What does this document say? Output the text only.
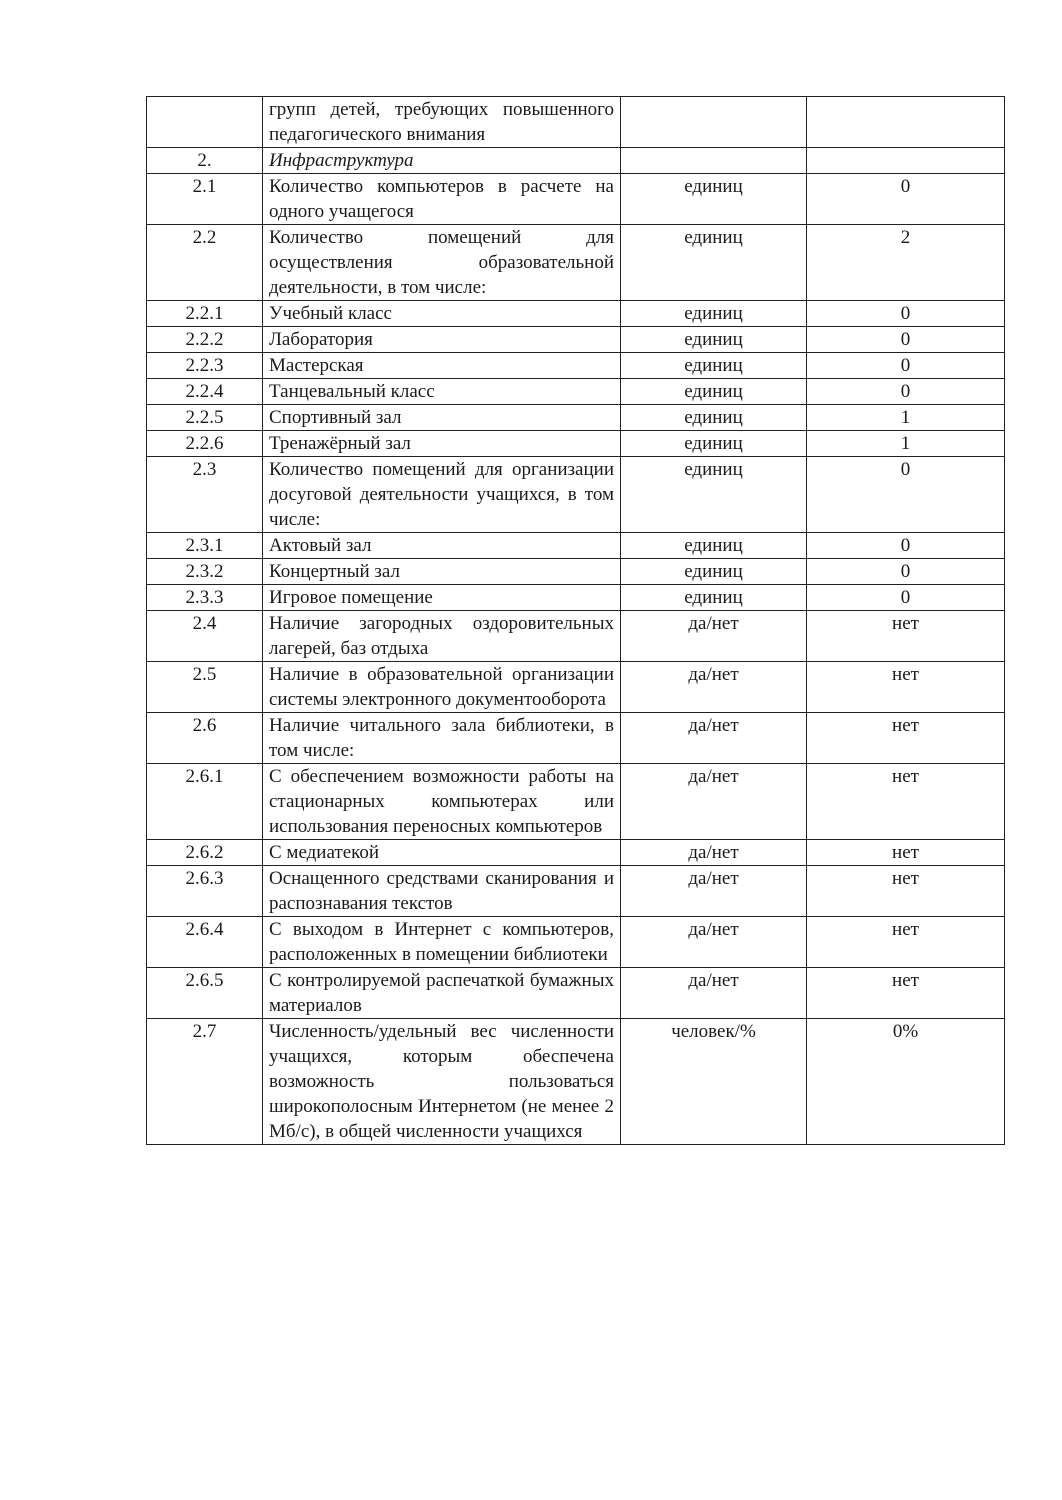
	групп детей, требующих повышенного педагогического внимания		
2.	Инфраструктура		
2.1	Количество компьютеров в расчете на одного учащегося	единиц	0
2.2	Количество помещений для осуществления образовательной деятельности, в том числе:	единиц	2
2.2.1	Учебный класс	единиц	0
2.2.2	Лаборатория	единиц	0
2.2.3	Мастерская	единиц	0
2.2.4	Танцевальный класс	единиц	0
2.2.5	Спортивный зал	единиц	1
2.2.6	Тренажёрный зал	единиц	1
2.3	Количество помещений для организации досуговой деятельности учащихся, в том числе:	единиц	0
2.3.1	Актовый зал	единиц	0
2.3.2	Концертный зал	единиц	0
2.3.3	Игровое помещение	единиц	0
2.4	Наличие загородных оздоровительных лагерей, баз отдыха	да/нет	нет
2.5	Наличие в образовательной организации системы электронного документооборота	да/нет	нет
2.6	Наличие читального зала библиотеки, в том числе:	да/нет	нет
2.6.1	С обеспечением возможности работы на стационарных компьютерах или использования переносных компьютеров	да/нет	нет
2.6.2	С медиатекой	да/нет	нет
2.6.3	Оснащенного средствами сканирования и распознавания текстов	да/нет	нет
2.6.4	С выходом в Интернет с компьютеров, расположенных в помещении библиотеки	да/нет	нет
2.6.5	С контролируемой распечаткой бумажных материалов	да/нет	нет
2.7	Численность/удельный вес численности учащихся, которым обеспечена возможность пользоваться широкополосным Интернетом (не менее 2 Мб/с), в общей численности учащихся	человек/%	0%
